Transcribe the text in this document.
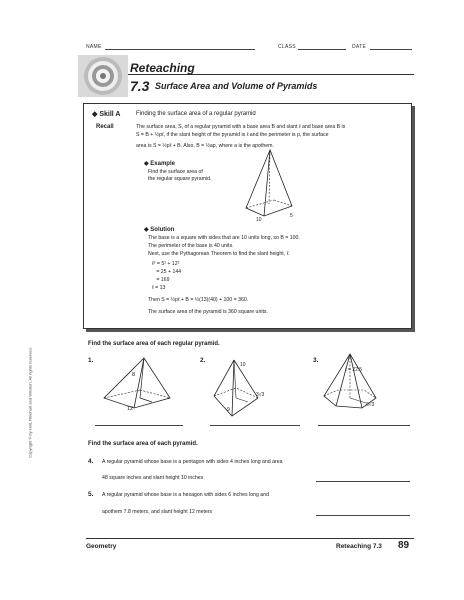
NAME	CLASS	DATE
Reteaching
7.3 Surface Area and Volume of Pyramids
◆ Skill A	Finding the surface area of a regular pyramid
Recall	The surface area, S, of a regular pyramid with a base area B and slant ℓ and base area B is
S = B + ½pℓ, if the slant height of the pyramid is ℓ and the perimeter is p, the surface
area is S = ½pℓ + B. Also, B = ½ap, where a is the apothem.
◆ Example
Find the surface area of
the regular square pyramid.
10
5
◆ Solution
The base is a square with sides that are 10 units long, so B = 100.
The perimeter of the base is 40 units.
Next, use the Pythagorean Theorem to find the slant height, ℓ.
ℓ² = 5² + 12²
= 25 + 144
= 169
ℓ = 13
Then S = ½pℓ + B = ½(13)(40) + 100 = 360.
The surface area of the pyramid is 360 square units.
Copyright © by Holt, Rinehart and Winston. All rights reserved.
Find the surface area of each regular pyramid.
1.
8
12
2.
10
3√3
9
3.
ℓ = 22.5
6√3
Find the surface area of each pyramid.
4. A regular pyramid whose base is a pentagon with sides 4 inches long and area
48 square inches and slant height 10 inches
5. A regular pyramid whose base is a hexagon with sides 6 inches long and
apothem 7.8 meters, and slant height 12 meters
Geometry	Reteaching 7.3 89
